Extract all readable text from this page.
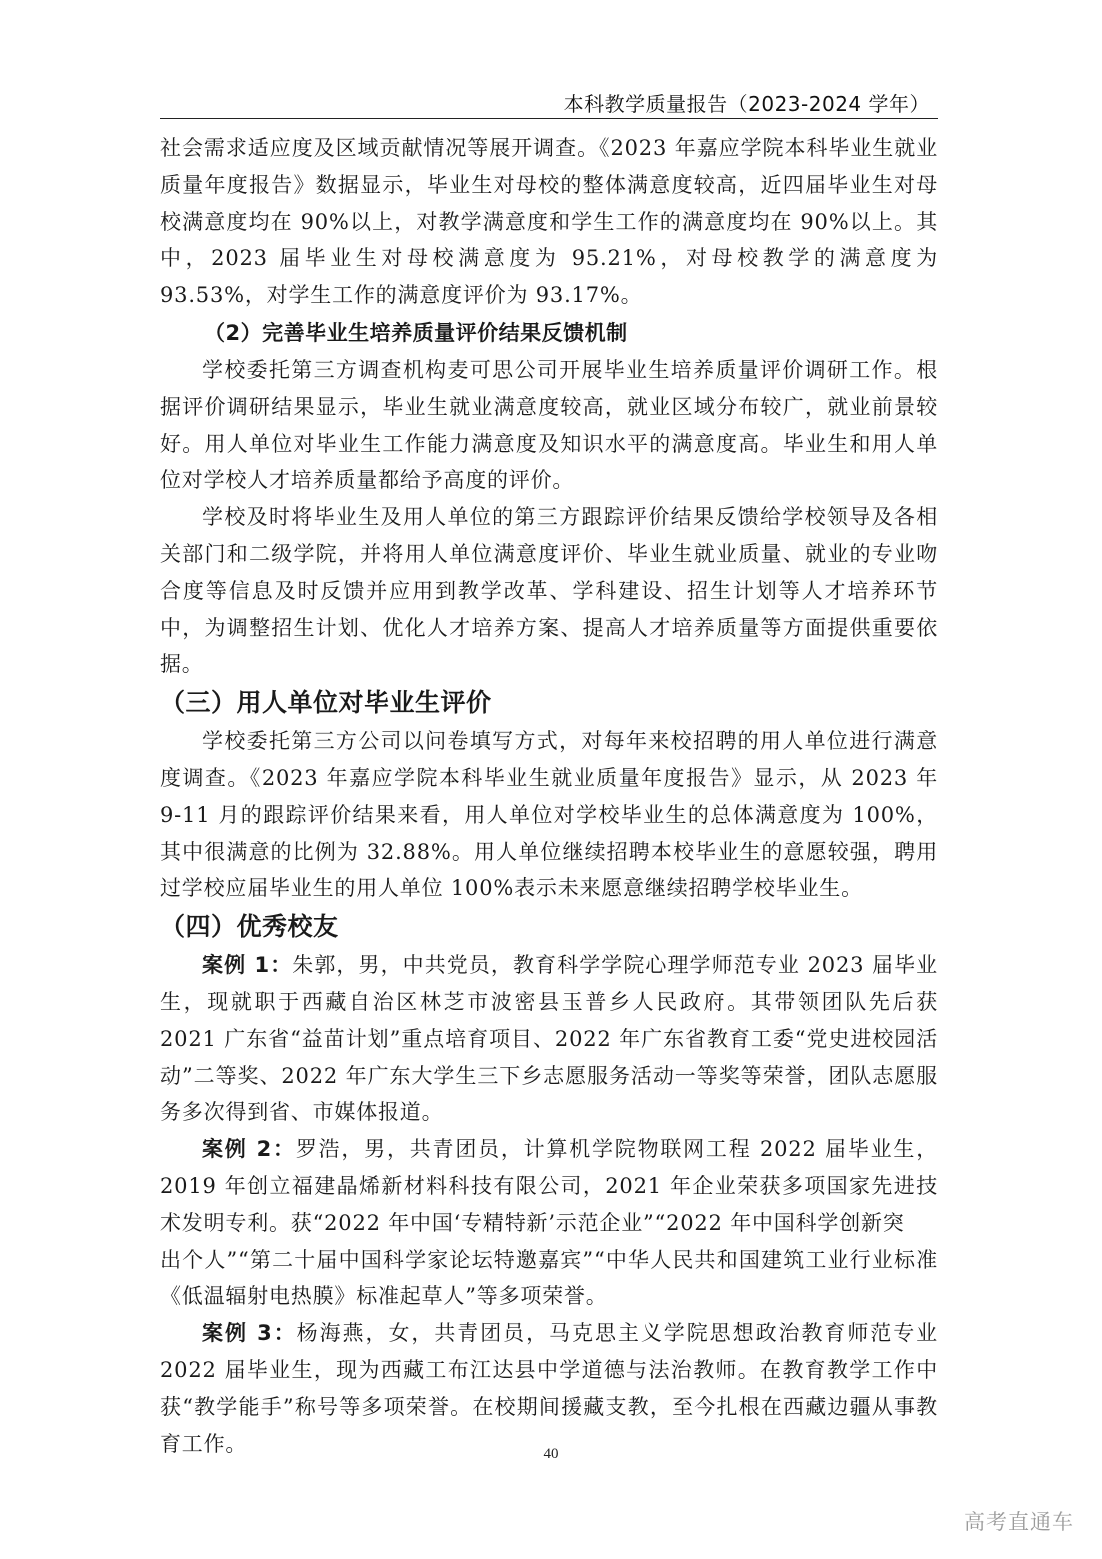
本科教学质量报告（2023-2024 学年）

社会需求适应度及区域贡献情况等展开调查。《2023 年嘉应学院本科毕业生就业质量年度报告》数据显示，毕业生对母校的整体满意度较高，近四届毕业生对母校满意度均在 90%以上，对教学满意度和学生工作的满意度均在 90%以上。其中，2023 届毕业生对母校满意度为 95.21%，对母校教学的满意度为 93.53%，对学生工作的满意度评价为 93.17%。

（2）完善毕业生培养质量评价结果反馈机制

学校委托第三方调查机构麦可思公司开展毕业生培养质量评价调研工作。根据评价调研结果显示，毕业生就业满意度较高，就业区域分布较广，就业前景较好。用人单位对毕业生工作能力满意度及知识水平的满意度高。毕业生和用人单位对学校人才培养质量都给予高度的评价。

学校及时将毕业生及用人单位的第三方跟踪评价结果反馈给学校领导及各相关部门和二级学院，并将用人单位满意度评价、毕业生就业质量、就业的专业吻合度等信息及时反馈并应用到教学改革、学科建设、招生计划等人才培养环节中，为调整招生计划、优化人才培养方案、提高人才培养质量等方面提供重要依据。

（三）用人单位对毕业生评价

学校委托第三方公司以问卷填写方式，对每年来校招聘的用人单位进行满意度调查。《2023 年嘉应学院本科毕业生就业质量年度报告》显示，从 2023 年 9-11 月的跟踪评价结果来看，用人单位对学校毕业生的总体满意度为 100%，其中很满意的比例为 32.88%。用人单位继续招聘本校毕业生的意愿较强，聘用过学校应届毕业生的用人单位 100%表示未来愿意继续招聘学校毕业生。

（四）优秀校友

案例 1：朱郭，男，中共党员，教育科学学院心理学师范专业 2023 届毕业生，现就职于西藏自治区林芝市波密县玉普乡人民政府。其带领团队先后获 2021 广东省“益苗计划”重点培育项目、2022 年广东省教育工委“党史进校园活动”二等奖、2022 年广东大学生三下乡志愿服务活动一等奖等荣誉，团队志愿服务多次得到省、市媒体报道。

案例 2：罗浩，男，共青团员，计算机学院物联网工程 2022 届毕业生，2019 年创立福建晶烯新材料科技有限公司，2021 年企业荣获多项国家先进技术发明专利。获“2022 年中国‘专精特新’示范企业”“2022 年中国科学创新突

出个人”“第二十届中国科学家论坛特邀嘉宾”“中华人民共和国建筑工业行业标准《低温辐射电热膜》标准起草人”等多项荣誉。

案例 3：杨海燕，女，共青团员，马克思主义学院思想政治教育师范专业 2022 届毕业生，现为西藏工布江达县中学道德与法治教师。在教育教学工作中获“教学能手”称号等多项荣誉。在校期间援藏支教，至今扎根在西藏边疆从事教育工作。	40
高考直通车
